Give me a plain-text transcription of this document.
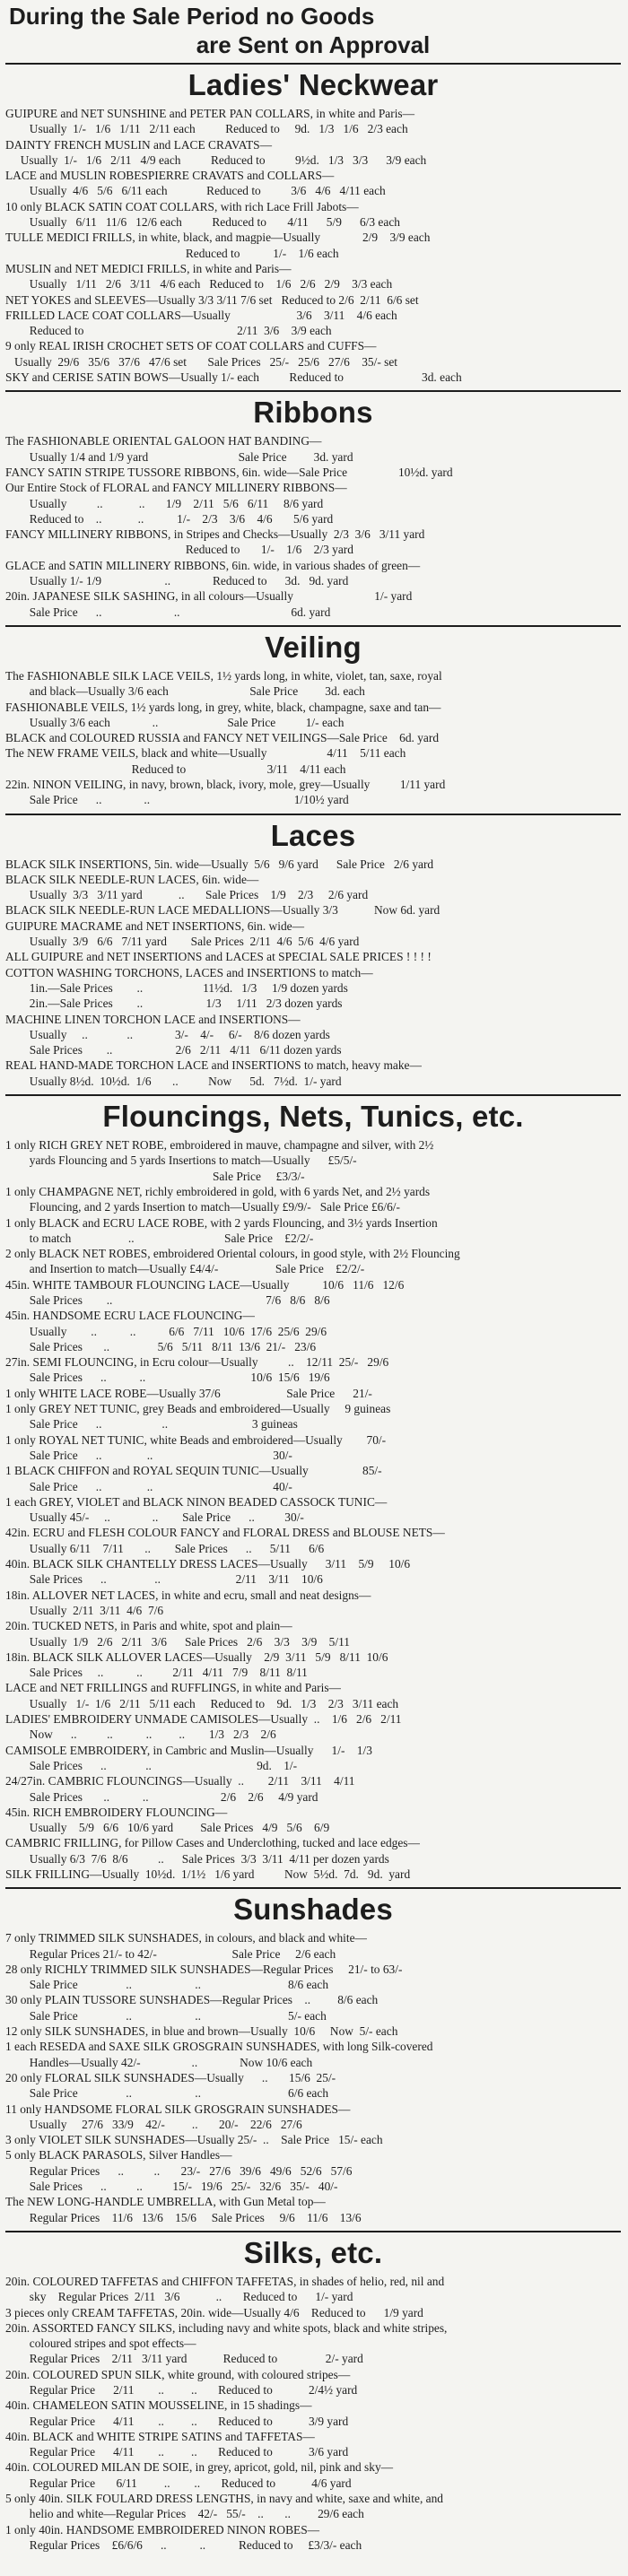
During the Sale Period no Goods
are Sent on Approval
Ladies' Neckwear
GUIPURE and NET SUNSHINE and PETER PAN COLLARS, in white and Paris—
Usually  1/-   1/6   1/11   2/11 each          Reduced to     9d.   1/3   1/6   2/3 each
DAINTY FRENCH MUSLIN and LACE CRAVATS—
Usually  1/-   1/6   2/11   4/9 each          Reduced to          9½d.   1/3   3/3      3/9 each
LACE and MUSLIN ROBESPIERRE CRAVATS and COLLARS—
Usually  4/6   5/6   6/11 each             Reduced to          3/6   4/6   4/11 each
10 only BLACK SATIN COAT COLLARS, with rich Lace Frill Jabots—
Usually   6/11   11/6   12/6 each          Reduced to       4/11      5/9      6/3 each
TULLE MEDICI FRILLS, in white, black, and magpie—Usually              2/9    3/9 each
Reduced to           1/-    1/6 each
MUSLIN and NET MEDICI FRILLS, in white and Paris—
Usually   1/11   2/6   3/11   4/6 each   Reduced to    1/6   2/6   2/9    3/3 each
NET YOKES and SLEEVES—Usually 3/3 3/11 7/6 set   Reduced to 2/6  2/11  6/6 set
FRILLED LACE COAT COLLARS—Usually                      3/6    3/11    4/6 each
Reduced to                                                   2/11  3/6    3/9 each
9 only REAL IRISH CROCHET SETS OF COAT COLLARS and CUFFS—
Usually  29/6   35/6   37/6   47/6 set       Sale Prices   25/-   25/6   27/6    35/- set
SKY and CERISE SATIN BOWS—Usually 1/- each          Reduced to                          3d. each
Ribbons
The FASHIONABLE ORIENTAL GALOON HAT BANDING—
Usually 1/4 and 1/9 yard                              Sale Price         3d. yard
FANCY SATIN STRIPE TUSSORE RIBBONS, 6in. wide—Sale Price                 10½d. yard
Our Entire Stock of FLORAL and FANCY MILLINERY RIBBONS—
Usually          ..            ..       1/9    2/11   5/6   6/11     8/6 yard
Reduced to    ..            ..           1/-    2/3    3/6    4/6       5/6 yard
FANCY MILLINERY RIBBONS, in Stripes and Checks—Usually  2/3  3/6   3/11 yard
Reduced to       1/-    1/6    2/3 yard
GLACE and SATIN MILLINERY RIBBONS, 6in. wide, in various shades of green—
Usually 1/- 1/9                     ..              Reduced to      3d.   9d. yard
20in. JAPANESE SILK SASHING, in all colours—Usually                           1/- yard
Sale Price      ..                        ..                                     6d. yard
Veiling
The FASHIONABLE SILK LACE VEILS, 1½ yards long, in white, violet, tan, saxe, royal
and black—Usually 3/6 each                           Sale Price         3d. each
FASHIONABLE VEILS, 1½ yards long, in grey, white, black, champagne, saxe and tan—
Usually 3/6 each              ..                       Sale Price          1/- each
BLACK and COLOURED RUSSIA and FANCY NET VEILINGS—Sale Price    6d. yard
The NEW FRAME VEILS, black and white—Usually                    4/11    5/11 each
Reduced to                           3/11    4/11 each
22in. NINON VEILING, in navy, brown, black, ivory, mole, grey—Usually          1/11 yard
Sale Price      ..              ..                                                1/10½ yard
Laces
BLACK SILK INSERTIONS, 5in. wide—Usually  5/6   9/6 yard      Sale Price   2/6 yard
BLACK SILK NEEDLE-RUN LACES, 6in. wide—
Usually  3/3   3/11 yard            ..       Sale Prices    1/9    2/3     2/6 yard
BLACK SILK NEEDLE-RUN LACE MEDALLIONS—Usually 3/3            Now 6d. yard
GUIPURE MACRAME and NET INSERTIONS, 6in. wide—
Usually  3/9   6/6   7/11 yard        Sale Prices  2/11  4/6  5/6  4/6 yard
ALL GUIPURE and NET INSERTIONS and LACES at SPECIAL SALE PRICES ! ! ! !
COTTON WASHING TORCHONS, LACES and INSERTIONS to match—
1in.—Sale Prices        ..                    11½d.   1/3     1/9 dozen yards
2in.—Sale Prices        ..                     1/3     1/11   2/3 dozen yards
MACHINE LINEN TORCHON LACE and INSERTIONS—
Usually     ..             ..              3/-    4/-     6/-    8/6 dozen yards
Sale Prices        ..                     2/6   2/11   4/11   6/11 dozen yards
REAL HAND-MADE TORCHON LACE and INSERTIONS to match, heavy make—
Usually 8½d.  10½d.  1/6       ..          Now      5d.   7½d.  1/- yard
Flouncings, Nets, Tunics, etc.
1 only RICH GREY NET ROBE, embroidered in mauve, champagne and silver, with 2½
yards Flouncing and 5 yards Insertions to match—Usually      £5/5/-
Sale Price     £3/3/-
1 only CHAMPAGNE NET, richly embroidered in gold, with 6 yards Net, and 2½ yards
Flouncing, and 2 yards Insertion to match—Usually £9/9/-   Sale Price £6/6/-
1 only BLACK and ECRU LACE ROBE, with 2 yards Flouncing, and 3½ yards Insertion
to match                   ..                              Sale Price    £2/2/-
2 only BLACK NET ROBES, embroidered Oriental colours, in good style, with 2½ Flouncing
and Insertion to match—Usually £4/4/-                   Sale Price    £2/2/-
45in. WHITE TAMBOUR FLOUNCING LACE—Usually           10/6   11/6   12/6
Sale Prices        ..                                                   7/6   8/6   8/6
45in. HANDSOME ECRU LACE FLOUNCING—
Usually        ..           ..           6/6   7/11   10/6  17/6  25/6  29/6
Sale Prices       ..                5/6   5/11   8/11  13/6  21/-   23/6
27in. SEMI FLOUNCING, in Ecru colour—Usually          ..    12/11  25/-   29/6
Sale Prices      ..           ..                                   10/6  15/6   19/6
1 only WHITE LACE ROBE—Usually 37/6                      Sale Price      21/-
1 only GREY NET TUNIC, grey Beads and embroidered—Usually     9 guineas
Sale Price      ..                    ..                            3 guineas
1 only ROYAL NET TUNIC, white Beads and embroidered—Usually        70/-
Sale Price      ..               ..                                        30/-
1 BLACK CHIFFON and ROYAL SEQUIN TUNIC—Usually                  85/-
Sale Price      ..               ..                                        40/-
1 each GREY, VIOLET and BLACK NINON BEADED CASSOCK TUNIC—
Usually 45/-     ..              ..        Sale Price      ..          30/-
42in. ECRU and FLESH COLOUR FANCY and FLORAL DRESS and BLOUSE NETS—
Usually 6/11    7/11       ..        Sale Prices      ..      5/11      6/6
40in. BLACK SILK CHANTELLY DRESS LACES—Usually      3/11    5/9     10/6
Sale Prices      ..                ..                         2/11    3/11    10/6
18in. ALLOVER NET LACES, in white and ecru, small and neat designs—
Usually  2/11  3/11  4/6  7/6
20in. TUCKED NETS, in Paris and white, spot and plain—
Usually  1/9   2/6   2/11   3/6      Sale Prices   2/6    3/3    3/9    5/11
18in. BLACK SILK ALLOVER LACES—Usually    2/9  3/11   5/9   8/11  10/6
Sale Prices     ..           ..          2/11   4/11   7/9    8/11  8/11
LACE and NET FRILLINGS and RUFFLINGS, in white and Paris—
Usually   1/-  1/6   2/11   5/11 each     Reduced to    9d.   1/3    2/3   3/11 each
LADIES' EMBROIDERY UNMADE CAMISOLES—Usually  ..    1/6   2/6   2/11
Now      ..          ..           ..         ..        1/3   2/3    2/6
CAMISOLE EMBROIDERY, in Cambric and Muslin—Usually      1/-    1/3
Sale Prices      ..             ..                                   9d.    1/-
24/27in. CAMBRIC FLOUNCINGS—Usually  ..        2/11    3/11    4/11
Sale Prices       ..           ..                        2/6    2/6     4/9 yard
45in. RICH EMBROIDERY FLOUNCING—
Usually    5/9   6/6   10/6 yard         Sale Prices   4/9   5/6    6/9
CAMBRIC FRILLING, for Pillow Cases and Underclothing, tucked and lace edges—
Usually 6/3  7/6  8/6          ..      Sale Prices  3/3  3/11  4/11 per dozen yards
SILK FRILLING—Usually  10½d.  1/1½   1/6 yard          Now  5½d.  7d.   9d.  yard
Sunshades
7 only TRIMMED SILK SUNSHADES, in colours, and black and white—
Regular Prices 21/- to 42/-                         Sale Price     2/6 each
28 only RICHLY TRIMMED SILK SUNSHADES—Regular Prices     21/- to 63/-
Sale Price                ..                     ..                             8/6 each
30 only PLAIN TUSSORE SUNSHADES—Regular Prices    ..         8/6 each
Sale Price                ..                     ..                             5/- each
12 only SILK SUNSHADES, in blue and brown—Usually  10/6     Now  5/- each
1 each RESEDA and SAXE SILK GROSGRAIN SUNSHADES, with long Silk-covered
Handles—Usually 42/-                 ..              Now 10/6 each
20 only FLORAL SILK SUNSHADES—Usually      ..       15/6  25/-
Sale Price                ..                     ..                             6/6 each
11 only HANDSOME FLORAL SILK GROSGRAIN SUNSHADES—
Usually     27/6   33/9    42/-         ..       20/-    22/6   27/6
3 only VIOLET SILK SUNSHADES—Usually 25/-  ..    Sale Price   15/- each
5 only BLACK PARASOLS, Silver Handles—
Regular Prices      ..          ..       23/-   27/6   39/6   49/6   52/6   57/6
Sale Prices      ..          ..          15/-   19/6   25/-   32/6   35/-   40/-
The NEW LONG-HANDLE UMBRELLA, with Gun Metal top—
Regular Prices    11/6   13/6    15/6     Sale Prices     9/6    11/6    13/6
Silks, etc.
20in. COLOURED TAFFETAS and CHIFFON TAFFETAS, in shades of helio, red, nil and
sky    Regular Prices  2/11   3/6            ..       Reduced to      1/- yard
3 pieces only CREAM TAFFETAS, 20in. wide—Usually 4/6    Reduced to      1/9 yard
20in. ASSORTED FANCY SILKS, including navy and white spots, black and white stripes,
coloured stripes and spot effects—
Regular Prices    2/11   3/11 yard            Reduced to                2/- yard
20in. COLOURED SPUN SILK, white ground, with coloured stripes—
Regular Price      2/11        ..         ..       Reduced to            2/4½ yard
40in. CHAMELEON SATIN MOUSSELINE, in 15 shadings—
Regular Price      4/11        ..         ..       Reduced to            3/9 yard
40in. BLACK and WHITE STRIPE SATINS and TAFFETAS—
Regular Price      4/11        ..         ..       Reduced to            3/6 yard
40in. COLOURED MILAN DE SOIE, in grey, apricot, gold, nil, pink and sky—
Regular Price       6/11         ..        ..       Reduced to            4/6 yard
5 only 40in. SILK FOULARD DRESS LENGTHS, in navy and white, saxe and white, and
helio and white—Regular Prices    42/-   55/-    ..       ..         29/6 each
1 only 40in. HANDSOME EMBROIDERED NINON ROBES—
Regular Prices    £6/6/6      ..           ..           Reduced to     £3/3/- each
